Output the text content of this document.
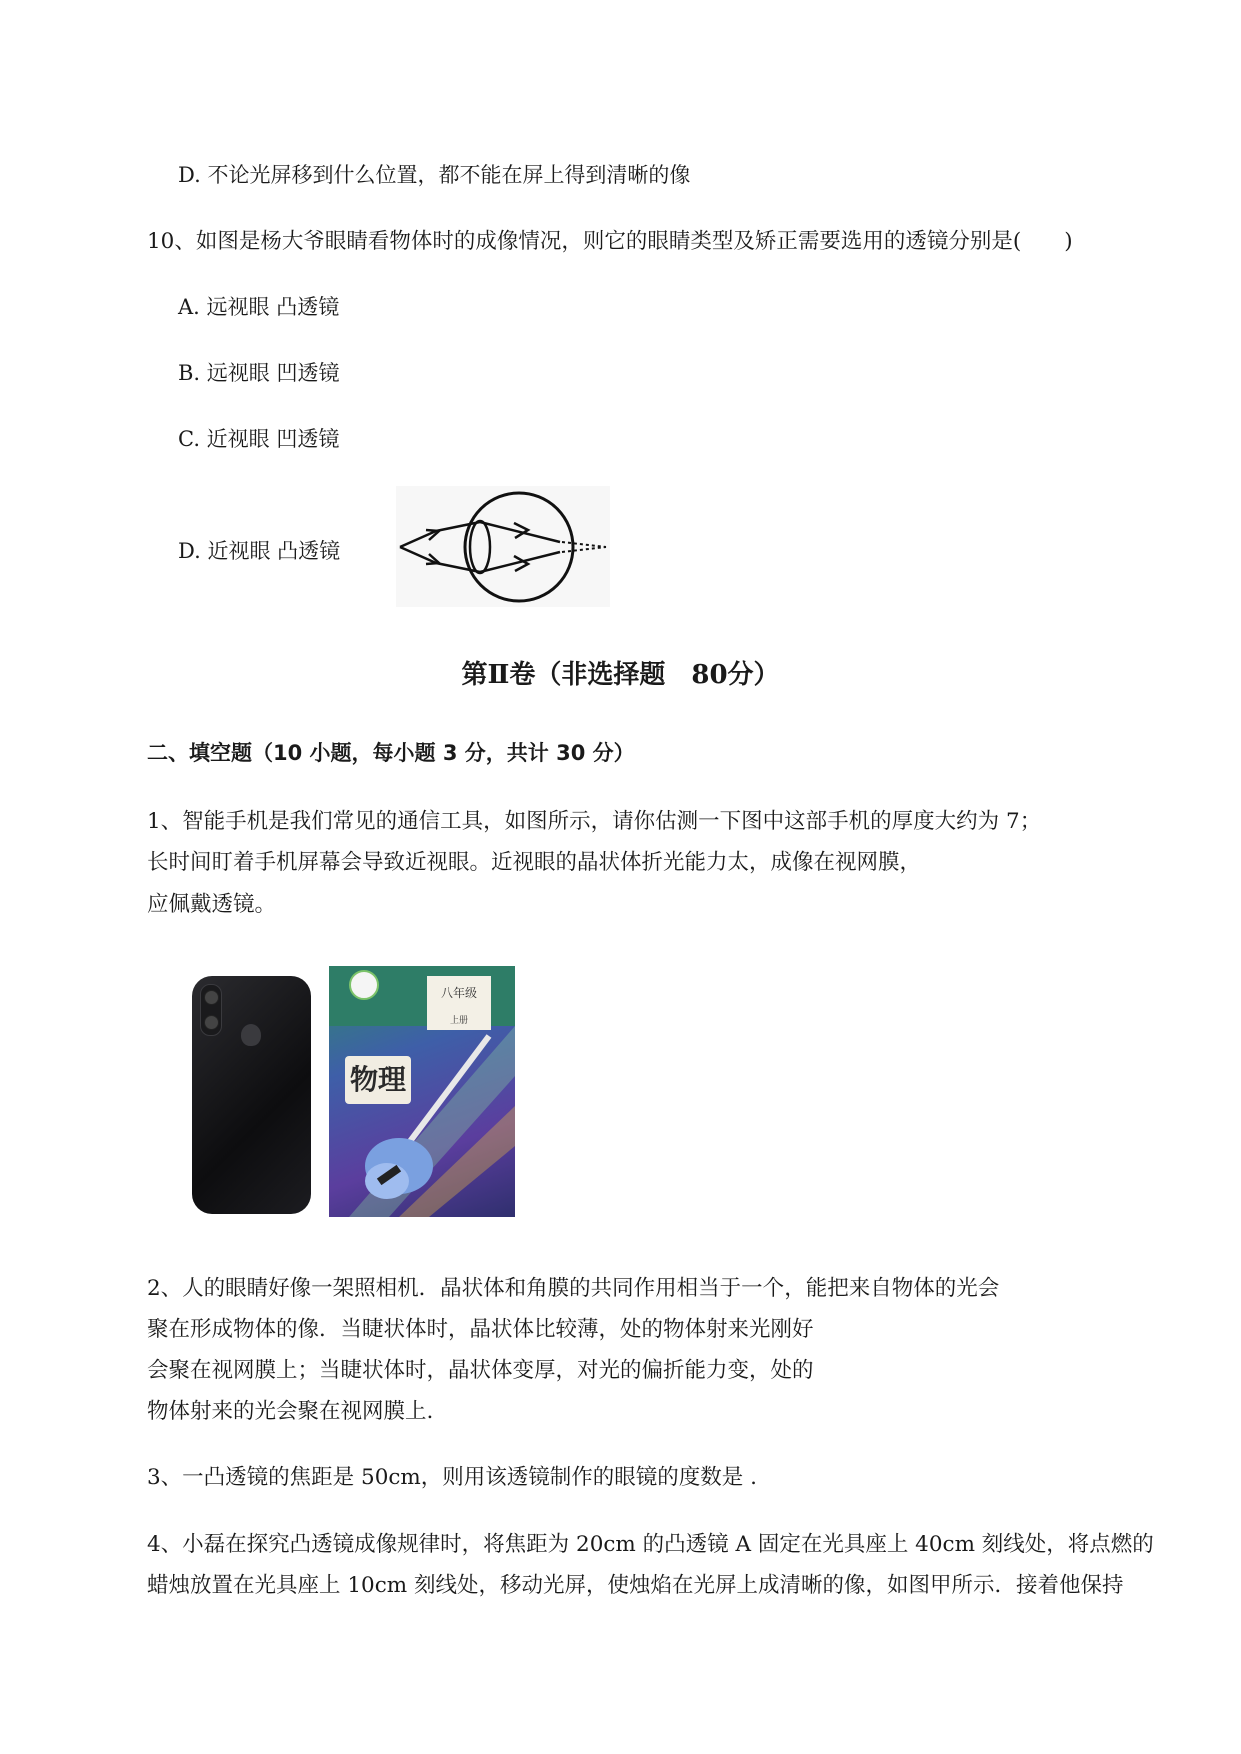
D. 不论光屏移到什么位置，都不能在屏上得到清晰的像
10、如图是杨大爷眼睛看物体时的成像情况，则它的眼睛类型及矫正需要选用的透镜分别是(　　)
A. 远视眼 凸透镜
B. 远视眼 凹透镜
C. 近视眼 凹透镜
D. 近视眼 凸透镜
第Ⅱ卷（非选择题　80分）
二、填空题（10 小题，每小题 3 分，共计 30 分）
1、智能手机是我们常见的通信工具，如图所示，请你估测一下图中这部手机的厚度大约为 7；
长时间盯着手机屏幕会导致近视眼。近视眼的晶状体折光能力太，成像在视网膜，
应佩戴透镜。
八年级
上册
物理
2、人的眼睛好像一架照相机．晶状体和角膜的共同作用相当于一个，能把来自物体的光会
聚在形成物体的像．当睫状体时，晶状体比较薄，处的物体射来光刚好
会聚在视网膜上；当睫状体时，晶状体变厚，对光的偏折能力变，处的
物体射来的光会聚在视网膜上.
3、一凸透镜的焦距是 50cm，则用该透镜制作的眼镜的度数是 .
4、小磊在探究凸透镜成像规律时，将焦距为 20cm 的凸透镜 A 固定在光具座上 40cm 刻线处，将点燃的
蜡烛放置在光具座上 10cm 刻线处，移动光屏，使烛焰在光屏上成清晰的像，如图甲所示．接着他保持
